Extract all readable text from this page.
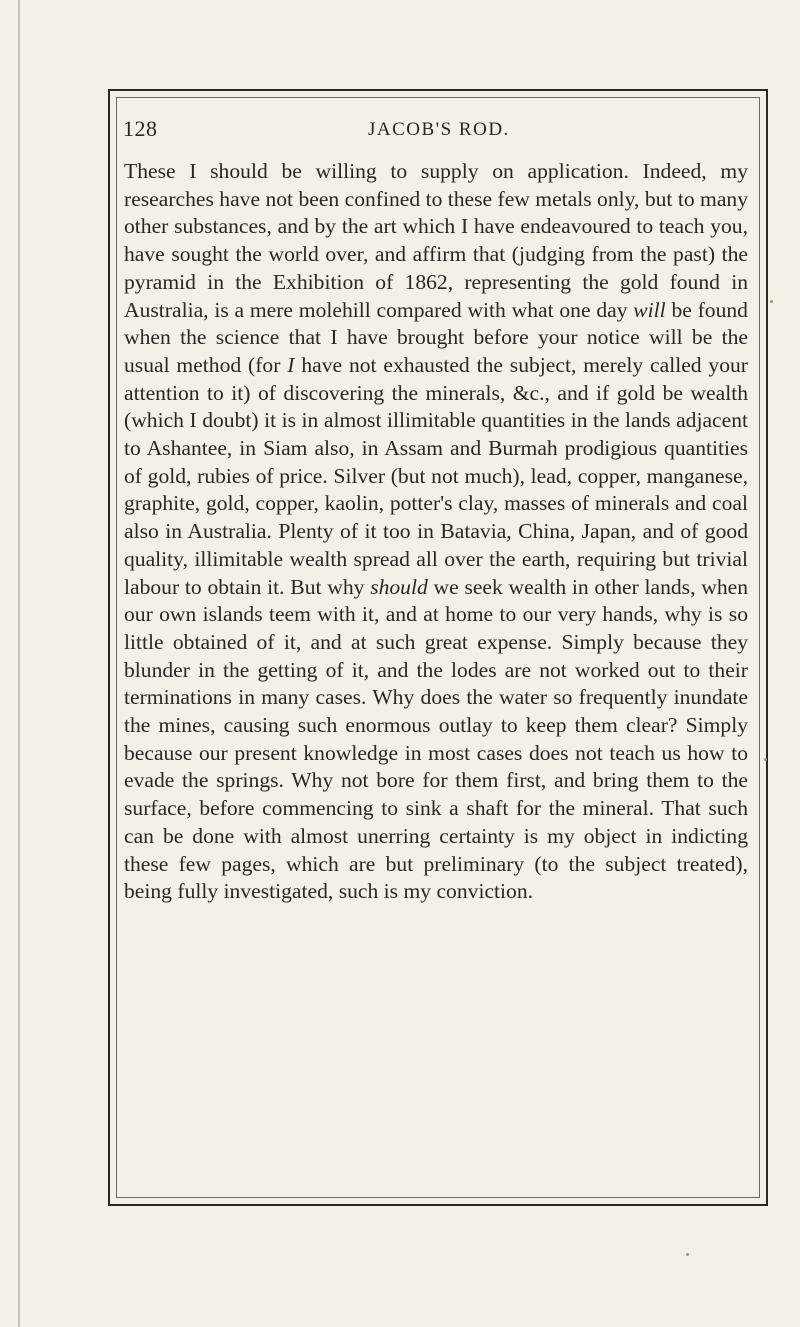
128	JACOB'S ROD.

These I should be willing to supply on application. Indeed, my researches have not been confined to these few metals only, but to many other substances, and by the art which I have endeavoured to teach you, have sought the world over, and affirm that (judging from the past) the pyramid in the Exhibition of 1862, representing the gold found in Australia, is a mere molehill compared with what one day will be found when the science that I have brought before your notice will be the usual method (for I have not exhausted the subject, merely called your attention to it) of discovering the minerals, &c., and if gold be wealth (which I doubt) it is in almost illimitable quantities in the lands adjacent to Ashantee, in Siam also, in Assam and Burmah prodigious quantities of gold, rubies of price. Silver (but not much), lead, copper, manganese, graphite, gold, copper, kaolin, potter's clay, masses of minerals and coal also in Australia. Plenty of it too in Batavia, China, Japan, and of good quality, illimitable wealth spread all over the earth, requiring but trivial labour to obtain it. But why should we seek wealth in other lands, when our own islands teem with it, and at home to our very hands, why is so little obtained of it, and at such great expense. Simply because they blunder in the getting of it, and the lodes are not worked out to their terminations in many cases. Why does the water so frequently inundate the mines, causing such enormous outlay to keep them clear? Simply because our present knowledge in most cases does not teach us how to evade the springs. Why not bore for them first, and bring them to the surface, before commencing to sink a shaft for the mineral. That such can be done with almost unerring certainty is my object in indicting these few pages, which are but preliminary (to the subject treated), being fully investigated, such is my conviction.
